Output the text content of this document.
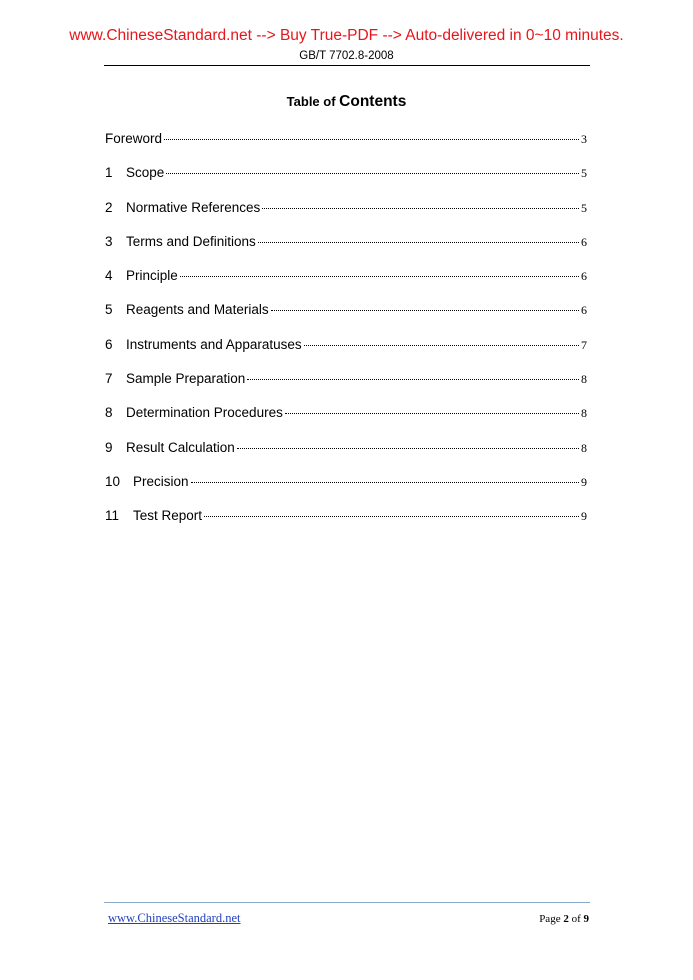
www.ChineseStandard.net --> Buy True-PDF --> Auto-delivered in 0~10 minutes.
GB/T 7702.8-2008
Table of Contents
Foreword	3
1 Scope	5
2 Normative References	5
3 Terms and Definitions	6
4 Principle	6
5 Reagents and Materials	6
6 Instruments and Apparatuses	7
7 Sample Preparation	8
8 Determination Procedures	8
9 Result Calculation	8
10 Precision	9
11	Test Report	9
www.ChineseStandard.net	Page 2 of 9
